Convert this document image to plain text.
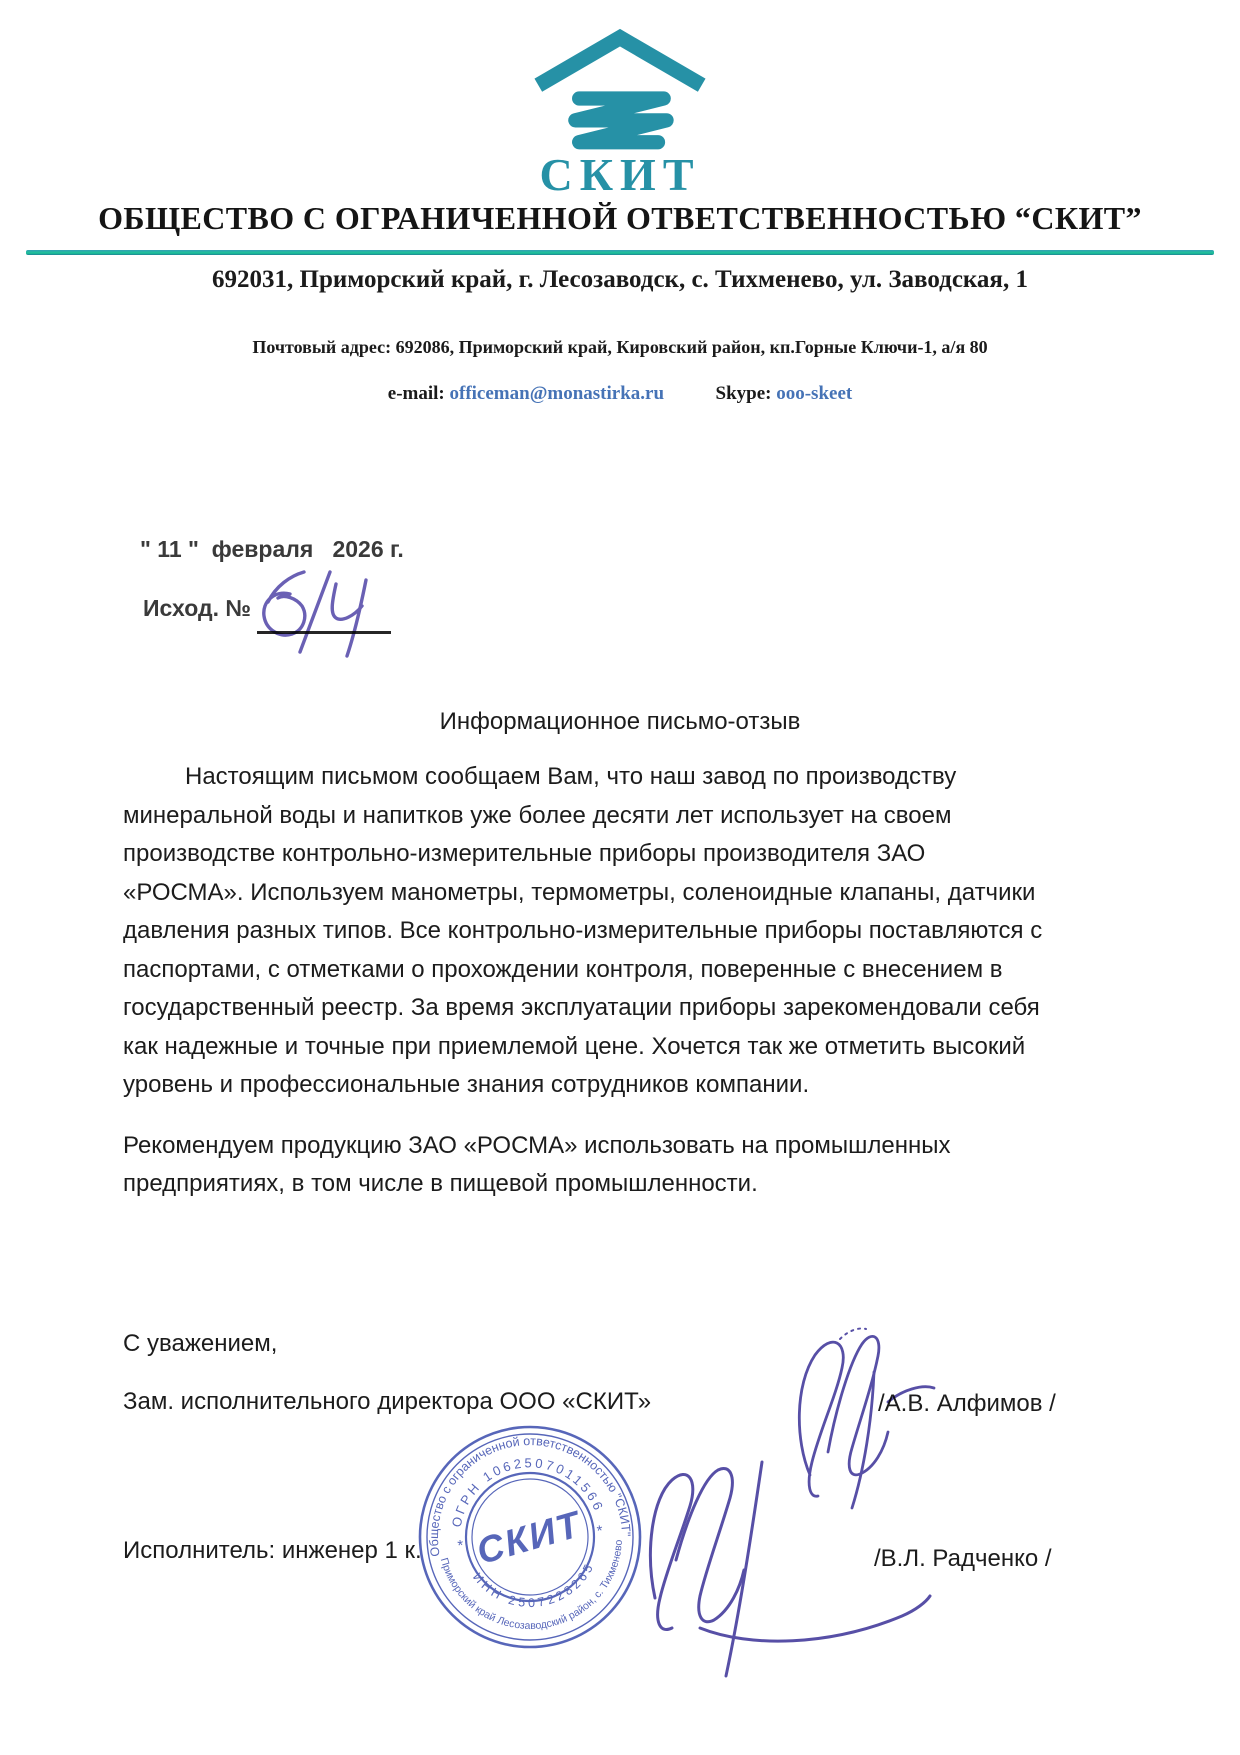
СКИТ
ОБЩЕСТВО С ОГРАНИЧЕННОЙ ОТВЕТСТВЕННОСТЬЮ “СКИТ”
692031, Приморский край, г. Лесозаводск, с. Тихменево, ул. Заводская, 1
Почтовый адрес: 692086, Приморский край, Кировский район, кп.Горные Ключи-1, а/я 80
e-mail: officeman@monastirka.ru	Skype: ooo-skeet
" 11 "  февраля   2026 г.
Исход. №
Информационное письмо-отзыв

Настоящим письмом сообщаем Вам, что наш завод по производству минеральной воды и напитков уже более десяти лет использует на своем производстве контрольно-измерительные приборы производителя ЗАО «РОСМА». Используем манометры, термометры, соленоидные клапаны, датчики давления разных типов. Все контрольно-измерительные приборы поставляются с паспортами, с отметками о прохождении контроля, поверенные с внесением в государственный реестр. За время эксплуатации приборы зарекомендовали себя как надежные и точные при приемлемой цене. Хочется так же отметить высокий уровень и профессиональные знания сотрудников компании.

Рекомендуем продукцию ЗАО «РОСМА» использовать на промышленных предприятиях, в том числе в пищевой промышленности.

С уважением,
Зам. исполнительного директора ООО «СКИТ»	/А.В. Алфимов /
Исполнитель: инженер 1 к.	/В.Л. Радченко /
Общество с ограниченной ответственностью "СКИТ"
Приморский край Лесозаводский район, с. Тихменево
ОГРН 1062507011566
ИНН 2507228265
*
*
СКИТ
